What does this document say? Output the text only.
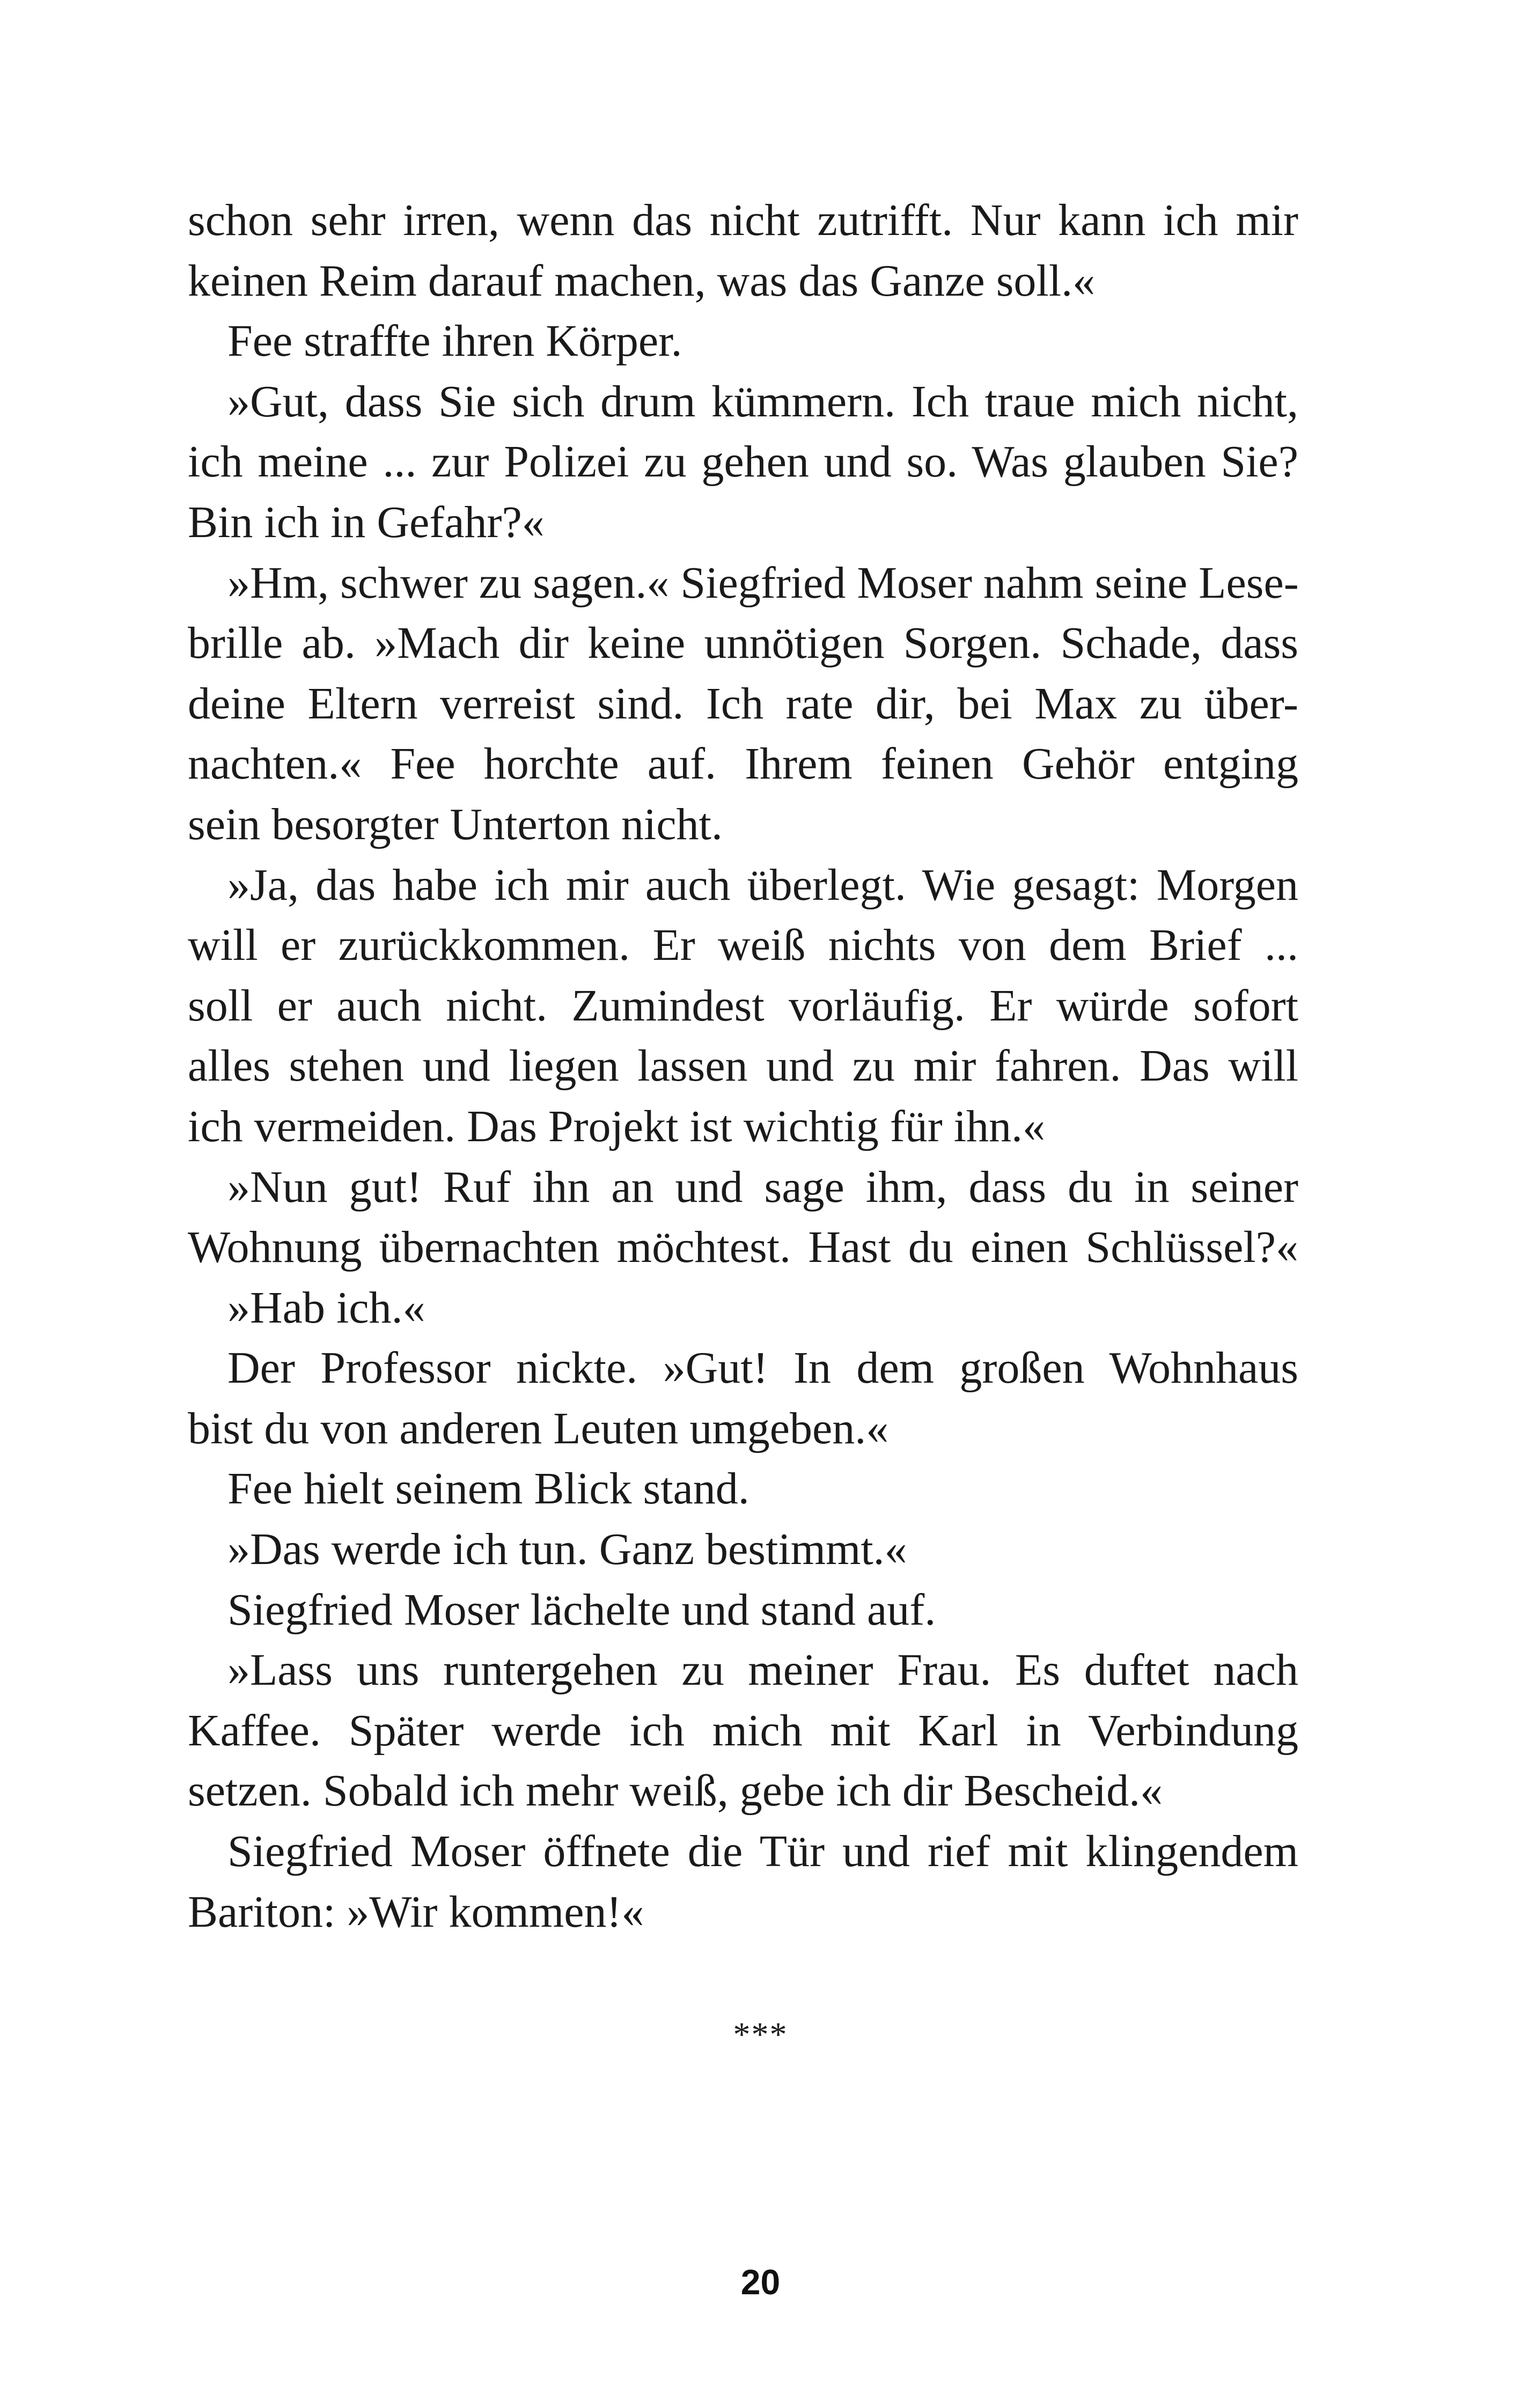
schon sehr irren, wenn das nicht zutrifft. Nur kann ich mir
keinen Reim darauf machen, was das Ganze soll.«
Fee straffte ihren Körper.
»Gut, dass Sie sich drum kümmern. Ich traue mich nicht,
ich meine ... zur Polizei zu gehen und so. Was glauben Sie?
Bin ich in Gefahr?«
»Hm, schwer zu sagen.« Siegfried Moser nahm seine Lese-
brille ab. »Mach dir keine unnötigen Sorgen. Schade, dass
deine Eltern verreist sind. Ich rate dir, bei Max zu über-
nachten.« Fee horchte auf. Ihrem feinen Gehör entging
sein besorgter Unterton nicht.
»Ja, das habe ich mir auch überlegt. Wie gesagt: Morgen
will er zurückkommen. Er weiß nichts von dem Brief ...
soll er auch nicht. Zumindest vorläufig. Er würde sofort
alles stehen und liegen lassen und zu mir fahren. Das will
ich vermeiden. Das Projekt ist wichtig für ihn.«
»Nun gut! Ruf ihn an und sage ihm, dass du in seiner
Wohnung übernachten möchtest. Hast du einen Schlüssel?«
»Hab ich.«
Der Professor nickte. »Gut! In dem großen Wohnhaus
bist du von anderen Leuten umgeben.«
Fee hielt seinem Blick stand.
»Das werde ich tun. Ganz bestimmt.«
Siegfried Moser lächelte und stand auf.
»Lass uns runtergehen zu meiner Frau. Es duftet nach
Kaffee. Später werde ich mich mit Karl in Verbindung
setzen. Sobald ich mehr weiß, gebe ich dir Bescheid.«
Siegfried Moser öffnete die Tür und rief mit klingendem
Bariton: »Wir kommen!«
***
20
